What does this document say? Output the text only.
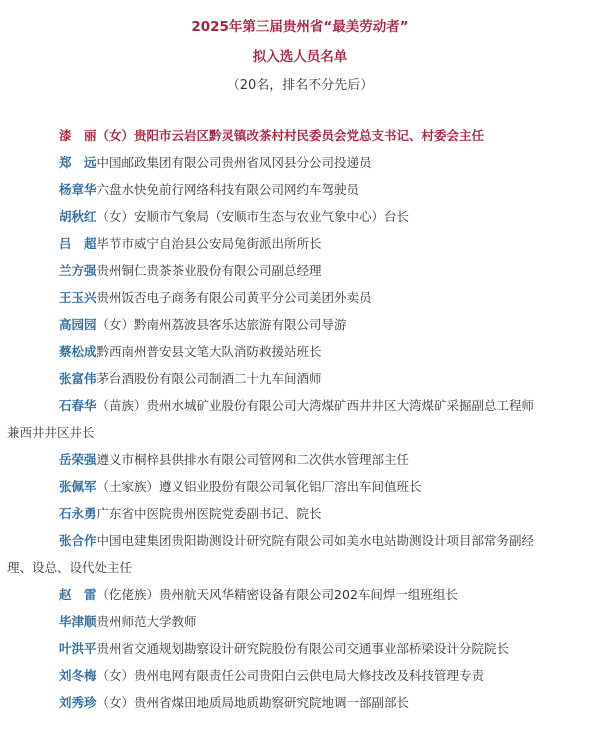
2025年第三届贵州省“最美劳动者”

拟入选人员名单

（20名，排名不分先后）

漆　丽（女）贵阳市云岩区黔灵镇改茶村村民委员会党总支书记、村委会主任
郑　远中国邮政集团有限公司贵州省凤冈县分公司投递员
杨章华六盘水快免前行网络科技有限公司网约车驾驶员
胡秋红（女）安顺市气象局（安顺市生态与农业气象中心）台长
吕　超毕节市威宁自治县公安局兔街派出所所长
兰方强贵州铜仁贵茶茶业股份有限公司副总经理
王玉兴贵州饭否电子商务有限公司黄平分公司美团外卖员
高园园（女）黔南州荔波县客乐达旅游有限公司导游
蔡松成黔西南州普安县文笔大队消防救援站班长
张富伟茅台酒股份有限公司制酒二十九车间酒师
石春华（苗族）贵州水城矿业股份有限公司大湾煤矿西井井区大湾煤矿采掘副总工程师
兼西井井区井长
岳荣强遵义市桐梓县供排水有限公司管网和二次供水管理部主任
张佩军（土家族）遵义铝业股份有限公司氧化铝厂溶出车间值班长
石永勇广东省中医院贵州医院党委副书记、院长
张合作中国电建集团贵阳勘测设计研究院有限公司如美水电站勘测设计项目部常务副经
理、设总、设代处主任
赵　雷（仡佬族）贵州航天风华精密设备有限公司202车间焊一组班组长
毕津顺贵州师范大学教师
叶洪平贵州省交通规划勘察设计研究院股份有限公司交通事业部桥梁设计分院院长
刘冬梅（女）贵州电网有限责任公司贵阳白云供电局大修技改及科技管理专责
刘秀珍（女）贵州省煤田地质局地质勘察研究院地调一部副部长
